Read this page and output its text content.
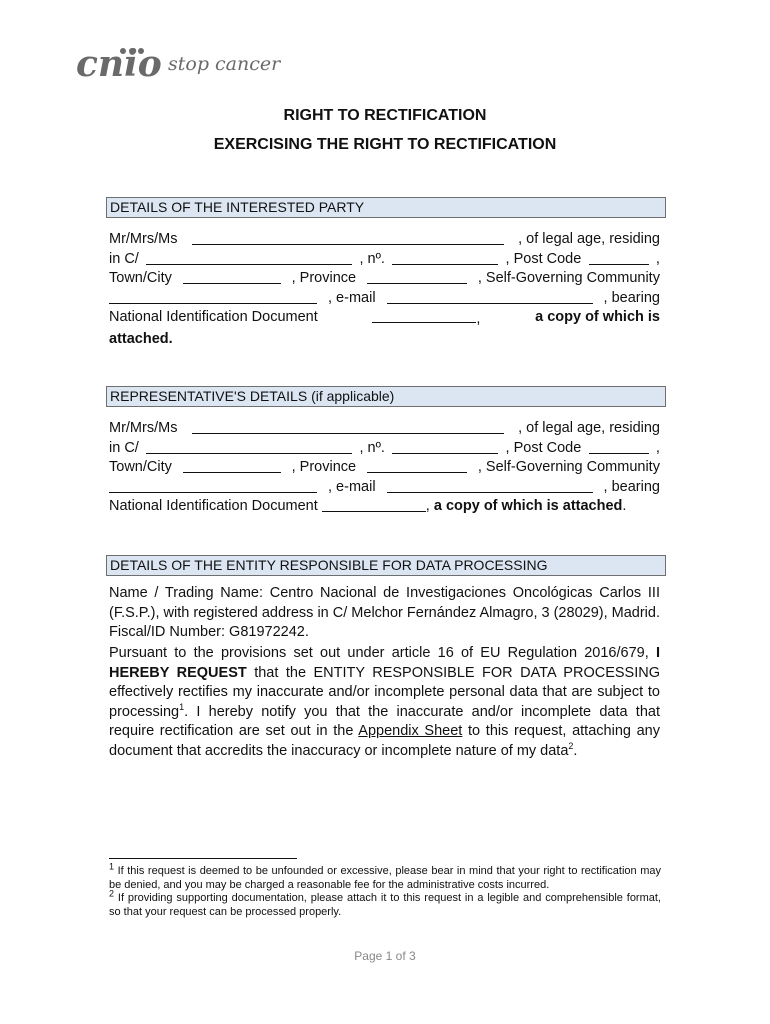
cnio stop cancer
RIGHT TO RECTIFICATION
EXERCISING THE RIGHT TO RECTIFICATION
DETAILS OF THE INTERESTED PARTY
Mr/Mrs/Ms	, of legal age, residing
in C/	, nº.	, Post Code	,
Town/City	, Province	, Self-Governing Community
, e-mail	, bearing
National Identification Document	,	a copy of which is
attached.
REPRESENTATIVE'S DETAILS (if applicable)
Mr/Mrs/Ms	, of legal age, residing
in C/	, nº.	, Post Code	,
Town/City	, Province	, Self-Governing Community
, e-mail	, bearing
National Identification Document
	, a copy of which is attached .
DETAILS OF THE ENTITY RESPONSIBLE FOR DATA PROCESSING
Name / Trading Name: Centro Nacional de Investigaciones Oncológicas Carlos III (F.S.P.), with registered address in C/ Melchor Fernández Almagro, 3 (28029), Madrid. Fiscal/ID Number: G81972242.
Pursuant to the provisions set out under article 16 of EU Regulation 2016/679, I HEREBY REQUEST that the ENTITY RESPONSIBLE FOR DATA PROCESSING effectively rectifies my inaccurate and/or incomplete personal data that are subject to processing$^1$. I hereby notify you that the inaccurate and/or incomplete data that require rectification are set out in the Appendix Sheet to this request, attaching any document that accredits the inaccuracy or incomplete nature of my data$^2$.
$^1$ If this request is deemed to be unfounded or excessive, please bear in mind that your right to rectification may be denied, and you may be charged a reasonable fee for the administrative costs incurred.
$^2$ If providing supporting documentation, please attach it to this request in a legible and comprehensible format, so that your request can be processed properly.
Page 1 of 3
